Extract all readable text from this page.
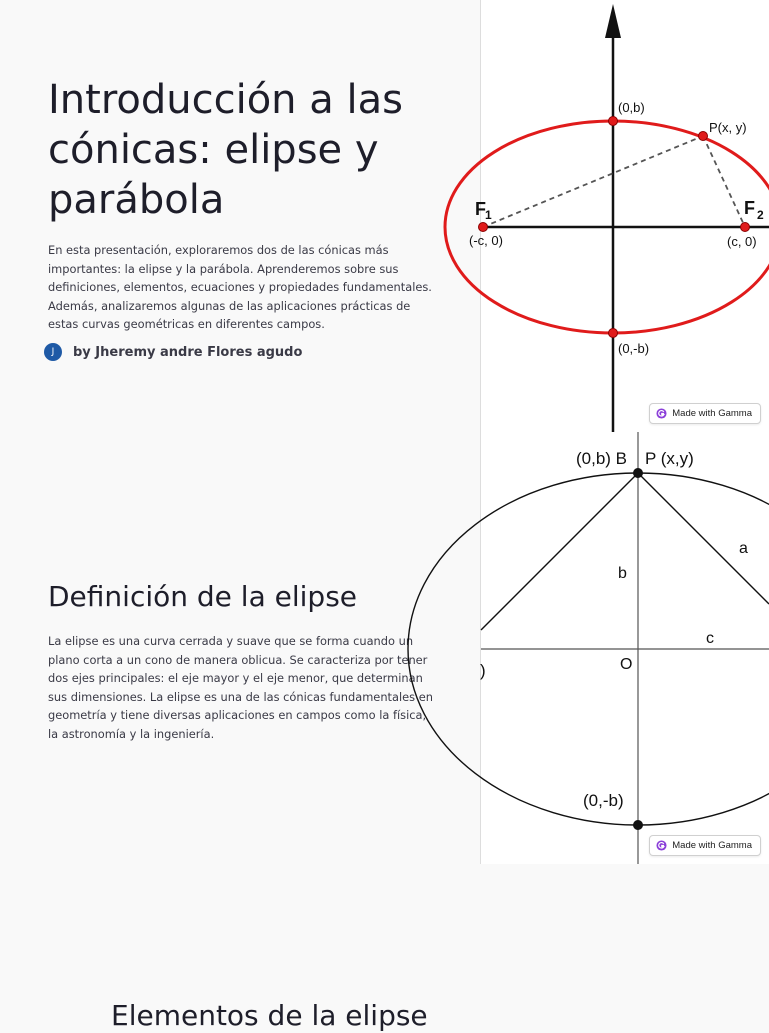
Introducción a las cónicas: elipse y parábola

En esta presentación, exploraremos dos de las cónicas más importantes: la elipse y la parábola. Aprenderemos sobre sus definiciones, elementos, ecuaciones y propiedades fundamentales. Además, analizaremos algunas de las aplicaciones prácticas de estas curvas geométricas en diferentes campos.

J	by Jheremy andre Flores agudo
(0,b)
P(x, y)
F 1	F 2
(-c, 0)	(c, 0)
(0,-b)
Made with Gamma
Definición de la elipse

La elipse es una curva cerrada y suave que se forma cuando un plano corta a un cono de manera oblicua. Se caracteriza por tener dos ejes principales: el eje mayor y el eje menor, que determinan sus dimensiones. La elipse es una de las cónicas fundamentales en geometría y tiene diversas aplicaciones en campos como la física, la astronomía y la ingeniería.

(0,b) B P (x,y)
a
b
c
O
)
(0,-b)
Made with Gamma
Elementos de la elipse
